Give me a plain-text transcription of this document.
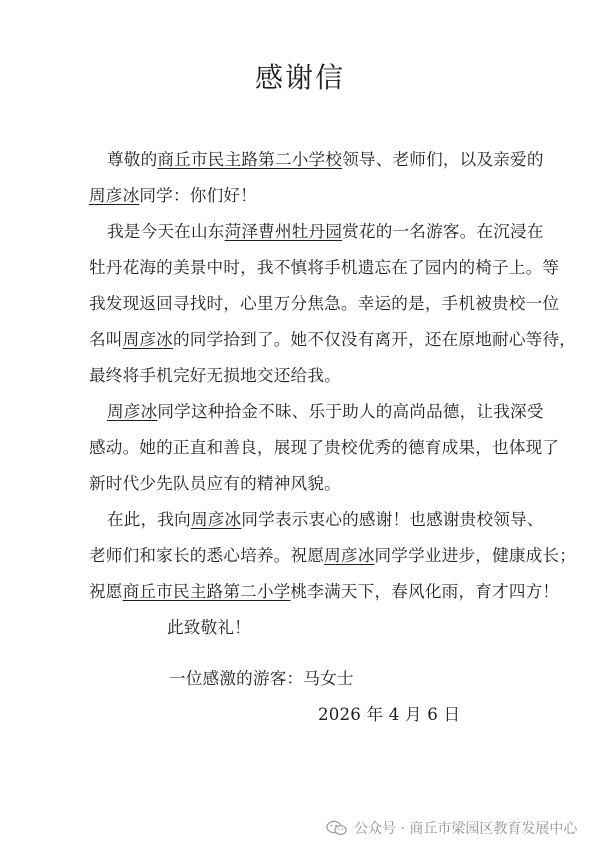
感谢信
尊敬的商丘市民主路第二小学校领导、老师们，以及亲爱的
周彦冰同学：你们好！
我是今天在山东菏泽曹州牡丹园赏花的一名游客。在沉浸在
牡丹花海的美景中时，我不慎将手机遗忘在了园内的椅子上。等
我发现返回寻找时，心里万分焦急。幸运的是，手机被贵校一位
名叫周彦冰的同学拾到了。她不仅没有离开，还在原地耐心等待，
最终将手机完好无损地交还给我。
周彦冰同学这种拾金不昧、乐于助人的高尚品德，让我深受
感动。她的正直和善良，展现了贵校优秀的德育成果，也体现了
新时代少先队员应有的精神风貌。
在此，我向周彦冰同学表示衷心的感谢！也感谢贵校领导、
老师们和家长的悉心培养。祝愿周彦冰同学学业进步，健康成长；
祝愿商丘市民主路第二小学桃李满天下，春风化雨，育才四方！
此致敬礼！
一位感激的游客：马女士
2026 年 4 月 6 日
公众号 · 商丘市梁园区教育发展中心
